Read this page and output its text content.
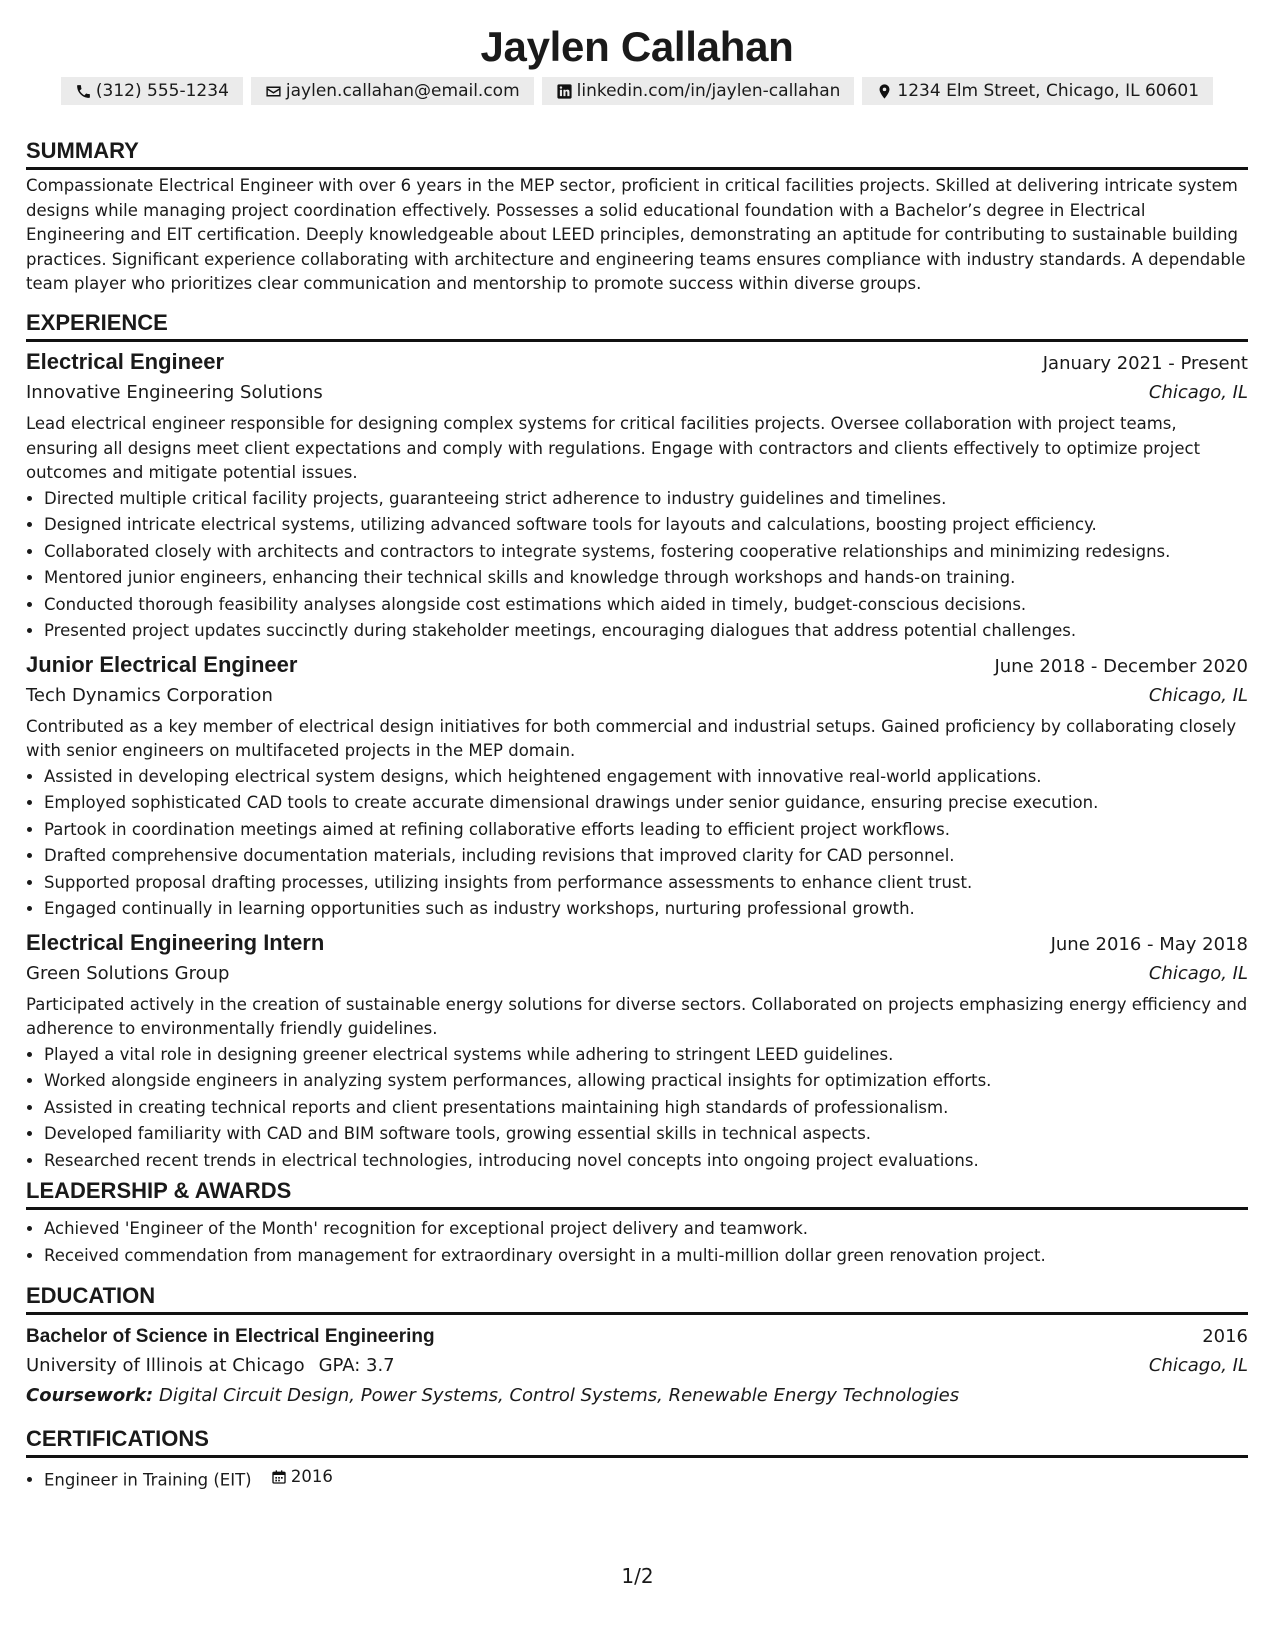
Jaylen Callahan
(312) 555-1234	jaylen.callahan@email.com	linkedin.com/in/jaylen-callahan	1234 Elm Street, Chicago, IL 60601
SUMMARY
Compassionate Electrical Engineer with over 6 years in the MEP sector, proficient in critical facilities projects. Skilled at delivering intricate system designs while managing project coordination effectively. Possesses a solid educational foundation with a Bachelor’s degree in Electrical Engineering and EIT certification. Deeply knowledgeable about LEED principles, demonstrating an aptitude for contributing to sustainable building practices. Significant experience collaborating with architecture and engineering teams ensures compliance with industry standards. A dependable team player who prioritizes clear communication and mentorship to promote success within diverse groups.
EXPERIENCE
Electrical Engineer	January 2021 - Present
Innovative Engineering Solutions	Chicago, IL
Lead electrical engineer responsible for designing complex systems for critical facilities projects. Oversee collaboration with project teams, ensuring all designs meet client expectations and comply with regulations. Engage with contractors and clients effectively to optimize project outcomes and mitigate potential issues.
• Directed multiple critical facility projects, guaranteeing strict adherence to industry guidelines and timelines.
• Designed intricate electrical systems, utilizing advanced software tools for layouts and calculations, boosting project efficiency.
• Collaborated closely with architects and contractors to integrate systems, fostering cooperative relationships and minimizing redesigns.
• Mentored junior engineers, enhancing their technical skills and knowledge through workshops and hands-on training.
• Conducted thorough feasibility analyses alongside cost estimations which aided in timely, budget-conscious decisions.
• Presented project updates succinctly during stakeholder meetings, encouraging dialogues that address potential challenges.
Junior Electrical Engineer	June 2018 - December 2020
Tech Dynamics Corporation	Chicago, IL
Contributed as a key member of electrical design initiatives for both commercial and industrial setups. Gained proficiency by collaborating closely with senior engineers on multifaceted projects in the MEP domain.
• Assisted in developing electrical system designs, which heightened engagement with innovative real-world applications.
• Employed sophisticated CAD tools to create accurate dimensional drawings under senior guidance, ensuring precise execution.
• Partook in coordination meetings aimed at refining collaborative efforts leading to efficient project workflows.
• Drafted comprehensive documentation materials, including revisions that improved clarity for CAD personnel.
• Supported proposal drafting processes, utilizing insights from performance assessments to enhance client trust.
• Engaged continually in learning opportunities such as industry workshops, nurturing professional growth.
Electrical Engineering Intern	June 2016 - May 2018
Green Solutions Group	Chicago, IL
Participated actively in the creation of sustainable energy solutions for diverse sectors. Collaborated on projects emphasizing energy efficiency and adherence to environmentally friendly guidelines.
• Played a vital role in designing greener electrical systems while adhering to stringent LEED guidelines.
• Worked alongside engineers in analyzing system performances, allowing practical insights for optimization efforts.
• Assisted in creating technical reports and client presentations maintaining high standards of professionalism.
• Developed familiarity with CAD and BIM software tools, growing essential skills in technical aspects.
• Researched recent trends in electrical technologies, introducing novel concepts into ongoing project evaluations.
LEADERSHIP & AWARDS
• Achieved 'Engineer of the Month' recognition for exceptional project delivery and teamwork.
• Received commendation from management for extraordinary oversight in a multi-million dollar green renovation project.
EDUCATION
Bachelor of Science in Electrical Engineering	2016
University of Illinois at Chicago GPA: 3.7	Chicago, IL
Coursework: Digital Circuit Design, Power Systems, Control Systems, Renewable Energy Technologies
CERTIFICATIONS
• Engineer in Training (EIT) 2016
1/2
